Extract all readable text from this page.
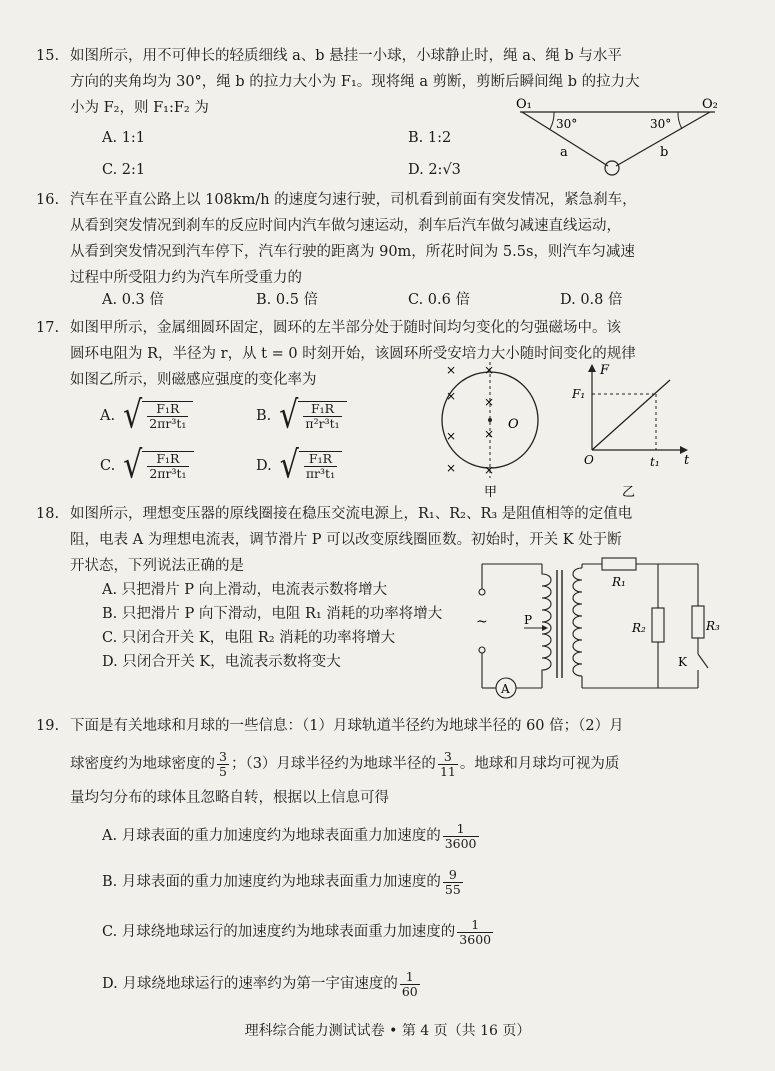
15. 如图所示，用不可伸长的轻质细线 a、b 悬挂一小球，小球静止时，绳 a、绳 b 与水平
方向的夹角均为 30°，绳 b 的拉力大小为 F₁。现将绳 a 剪断，剪断后瞬间绳 b 的拉力大
小为 F₂，则 F₁:F₂ 为
A. 1:1	B. 1:2
C. 2:1	D. 2:√3
O₁	O₂
30°	30°
a	b
16. 汽车在平直公路上以 108km/h 的速度匀速行驶，司机看到前面有突发情况，紧急刹车，
从看到突发情况到刹车的反应时间内汽车做匀速运动，刹车后汽车做匀减速直线运动，
从看到突发情况到汽车停下，汽车行驶的距离为 90m，所花时间为 5.5s，则汽车匀减速
过程中所受阻力约为汽车所受重力的
A. 0.3 倍	B. 0.5 倍	C. 0.6 倍	D. 0.8 倍
17. 如图甲所示，金属细圆环固定，圆环的左半部分处于随时间均匀变化的匀强磁场中。该
圆环电阻为 R，半径为 r，从 t = 0 时刻开始，该圆环所受安培力大小随时间变化的规律
如图乙所示，则磁感应强度的变化率为
A. √ $\frac{\text{F₁R}}{\text{2πr³t₁}}$	B. √ $\frac{\text{F₁R}}{\text{π²r³t₁}}$
C. √ $\frac{\text{F₁R}}{\text{2πr³t₁}}$	D. √ $\frac{\text{F₁R}}{\text{πr³t₁}}$
× ×
× ×
× ×
× ×
O
甲
F
F₁
O	t₁ t
乙
18. 如图所示，理想变压器的原线圈接在稳压交流电源上，R₁、R₂、R₃ 是阻值相等的定值电
阻，电表 A 为理想电流表，调节滑片 P 可以改变原线圈匝数。初始时，开关 K 处于断
开状态，下列说法正确的是
A. 只把滑片 P 向上滑动，电流表示数将增大
B. 只把滑片 P 向下滑动，电阻 R₁ 消耗的功率将增大
C. 只闭合开关 K，电阻 R₂ 消耗的功率将增大
D. 只闭合开关 K，电流表示数将变大
A
~	P
R₁
R₂	R₃
K
19. 下面是有关地球和月球的一些信息：（1）月球轨道半径约为地球半径的 60 倍；（2）月
球密度约为地球密度的 $\frac{3}{5}$ ；（3）月球半径约为地球半径的 $\frac{3}{11}$ 。地球和月球均可视为质
量均匀分布的球体且忽略自转，根据以上信息可得
A. 月球表面的重力加速度约为地球表面重力加速度的 $\frac{1}{3600}$
B. 月球表面的重力加速度约为地球表面重力加速度的 $\frac{9}{55}$
C. 月球绕地球运行的加速度约为地球表面重力加速度的 $\frac{1}{3600}$
D. 月球绕地球运行的速率约为第一宇宙速度的 $\frac{1}{60}$
理科综合能力测试试卷 • 第 4 页（共 16 页）
